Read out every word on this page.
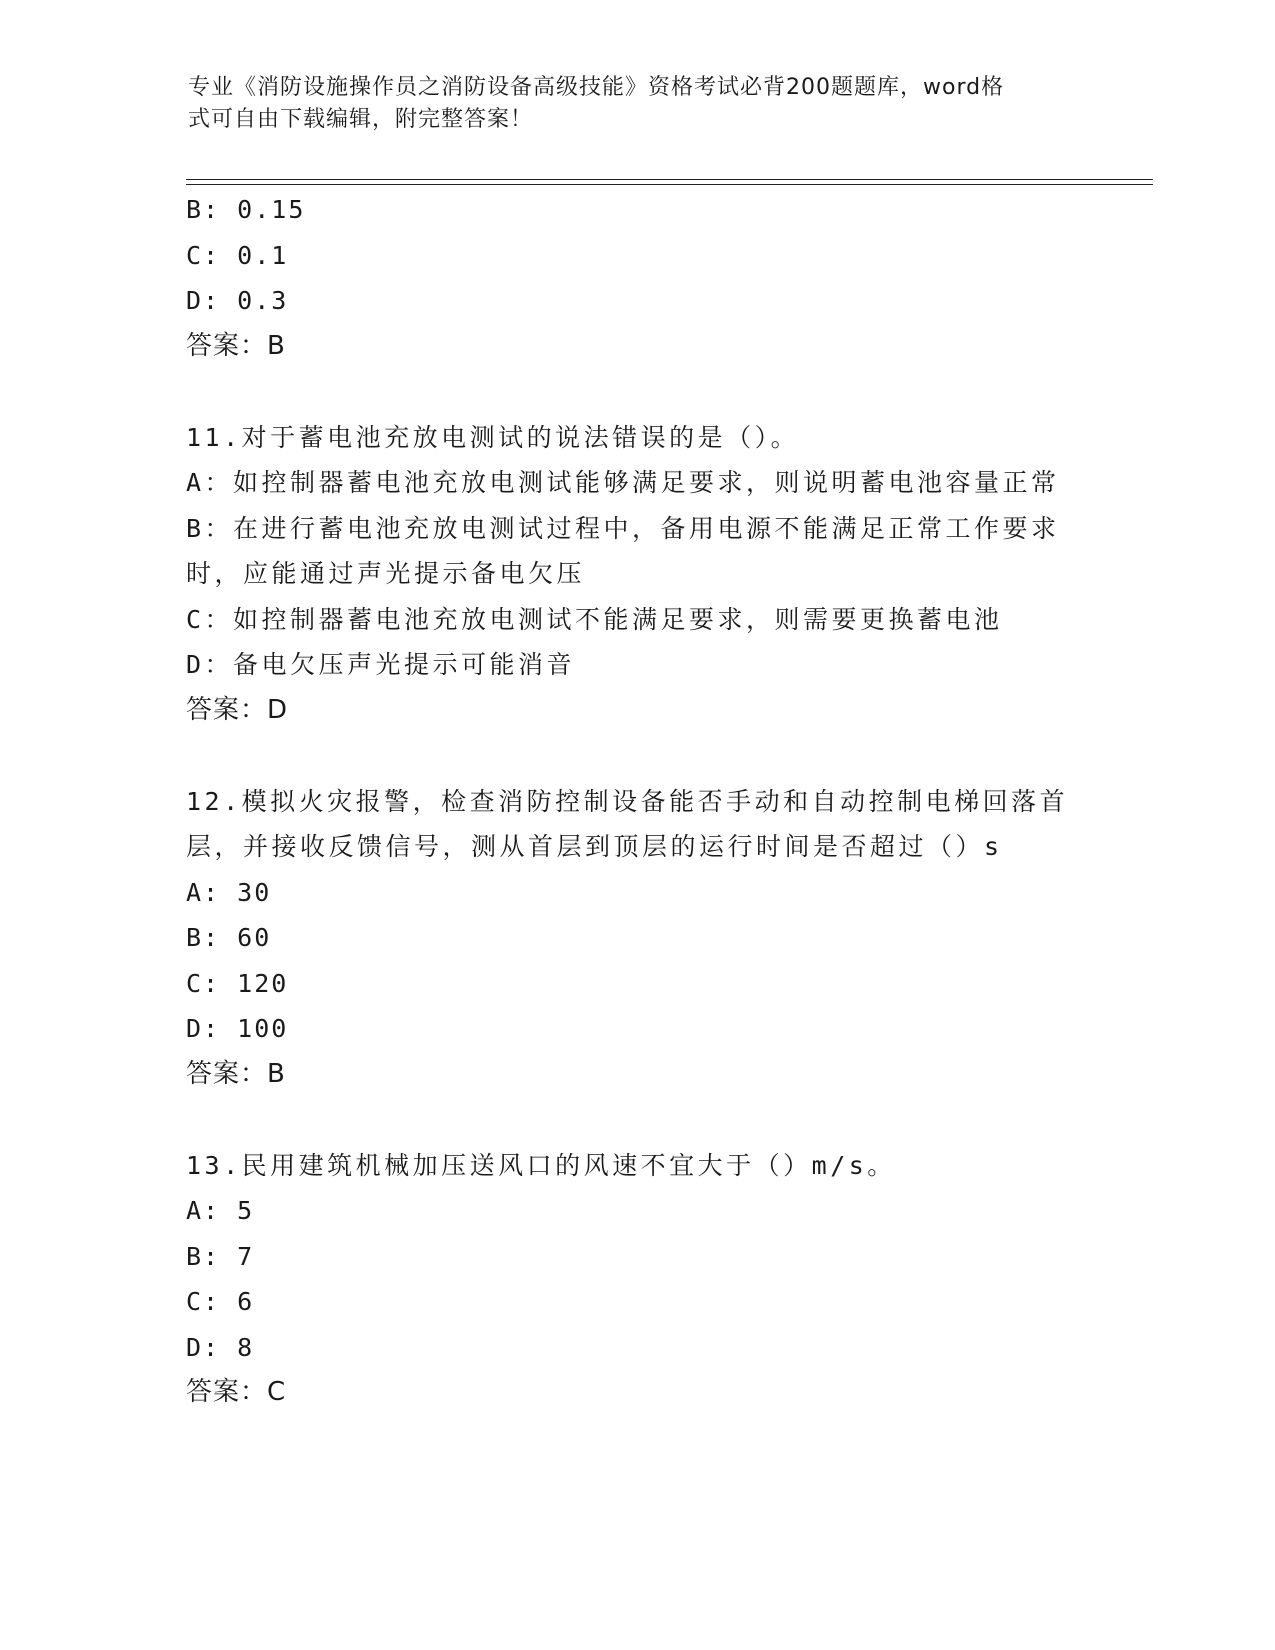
专业《消防设施操作员之消防设备高级技能》资格考试必背200题题库，word格
式可自由下载编辑，附完整答案！
B: 0.15
C: 0.1
D: 0.3
答案：B
11.对于蓄电池充放电测试的说法错误的是（）。
A：如控制器蓄电池充放电测试能够满足要求，则说明蓄电池容量正常
B：在进行蓄电池充放电测试过程中，备用电源不能满足正常工作要求
时，应能通过声光提示备电欠压
C：如控制器蓄电池充放电测试不能满足要求，则需要更换蓄电池
D：备电欠压声光提示可能消音
答案：D
12.模拟火灾报警，检查消防控制设备能否手动和自动控制电梯回落首
层，并接收反馈信号，测从首层到顶层的运行时间是否超过（）s
A: 30
B: 60
C: 120
D: 100
答案：B
13.民用建筑机械加压送风口的风速不宜大于（）m/s。
A: 5
B: 7
C: 6
D: 8
答案：C
